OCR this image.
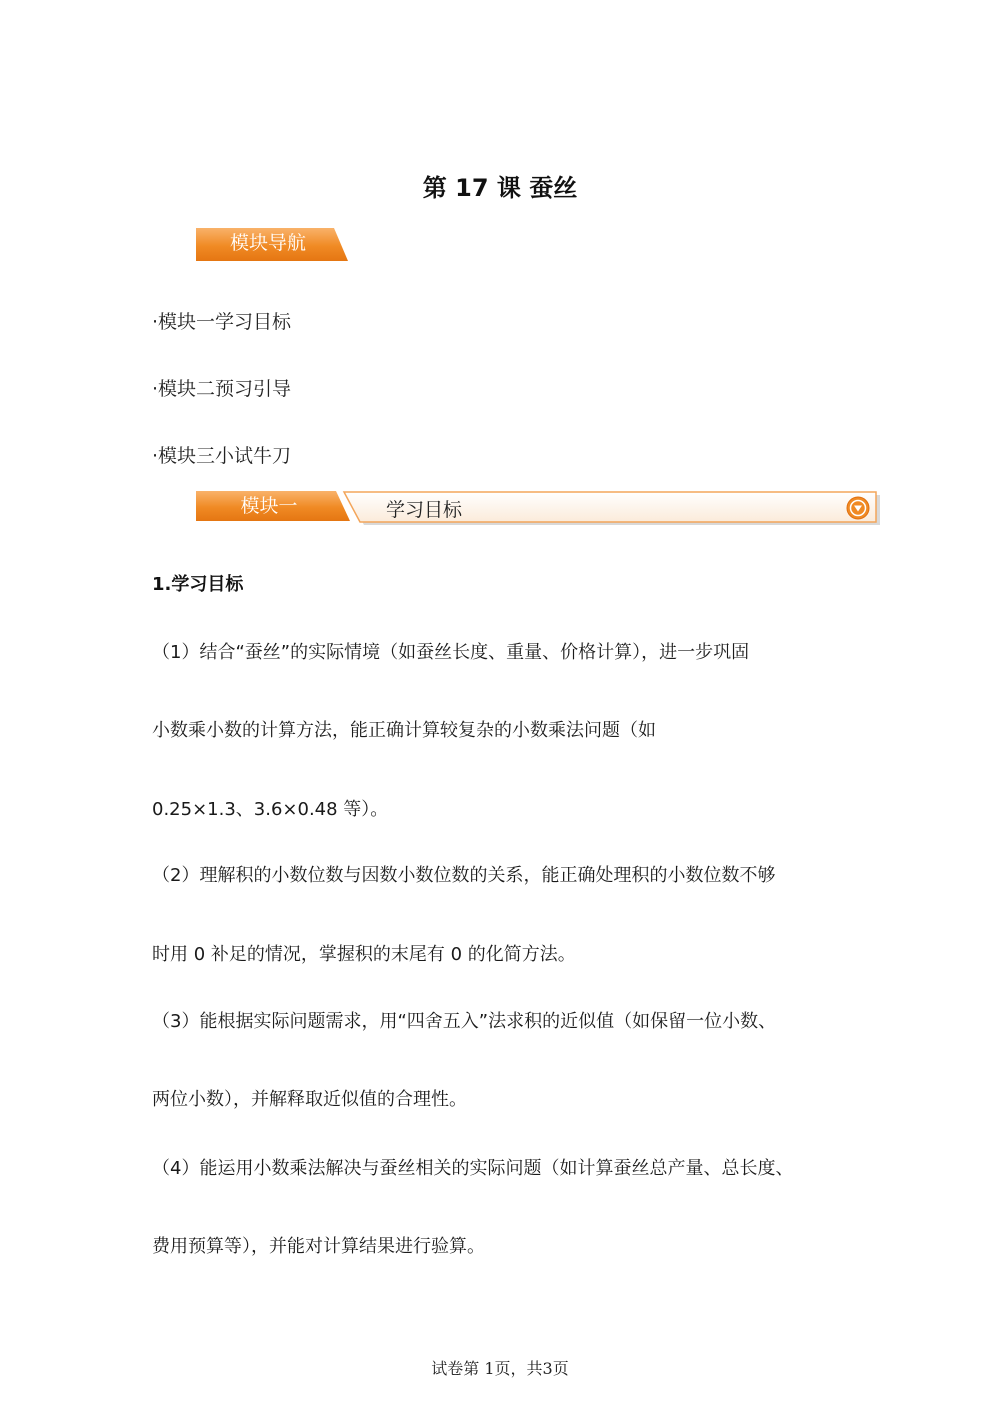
第 17 课 蚕丝
模块导航
·模块一学习目标
·模块二预习引导
·模块三小试牛刀
模块一	学习目标
1.学习目标
（1）结合“蚕丝”的实际情境（如蚕丝长度、重量、价格计算），进一步巩固
小数乘小数的计算方法，能正确计算较复杂的小数乘法问题（如
0.25×1.3、3.6×0.48 等）。
（2）理解积的小数位数与因数小数位数的关系，能正确处理积的小数位数不够
时用 0 补足的情况，掌握积的末尾有 0 的化简方法。
（3）能根据实际问题需求，用“四舍五入”法求积的近似值（如保留一位小数、
两位小数），并解释取近似值的合理性。
（4）能运用小数乘法解决与蚕丝相关的实际问题（如计算蚕丝总产量、总长度、
费用预算等），并能对计算结果进行验算。
试卷第 1页，共3页
